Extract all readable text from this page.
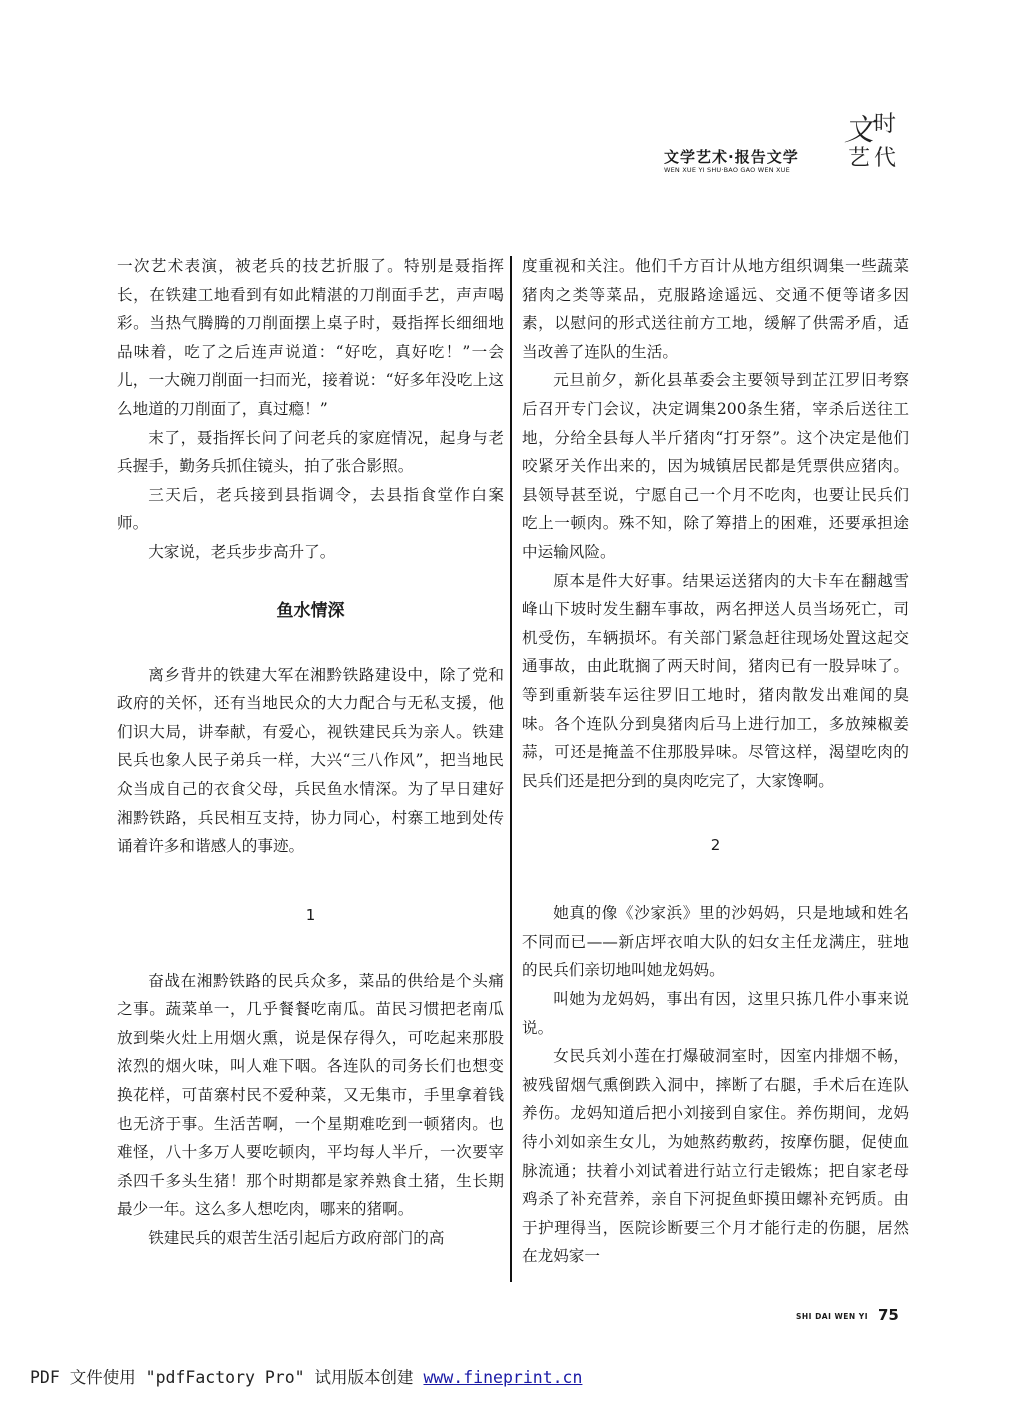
文学艺术·报告文学
WEN XUE YI SHU·BAO GAO WEN XUE
文 时
艺 代

一次艺术表演，被老兵的技艺折服了。特别是聂指挥长，在铁建工地看到有如此精湛的刀削面手艺，声声喝彩。当热气腾腾的刀削面摆上桌子时，聂指挥长细细地品味着，吃了之后连声说道：“好吃，真好吃！”一会儿，一大碗刀削面一扫而光，接着说：“好多年没吃上这么地道的刀削面了，真过瘾！”

末了，聂指挥长问了问老兵的家庭情况，起身与老兵握手，勤务兵抓住镜头，拍了张合影照。

三天后，老兵接到县指调令，去县指食堂作白案师。

大家说，老兵步步高升了。

鱼水情深

离乡背井的铁建大军在湘黔铁路建设中，除了党和政府的关怀，还有当地民众的大力配合与无私支援，他们识大局，讲奉献，有爱心，视铁建民兵为亲人。铁建民兵也象人民子弟兵一样，大兴“三八作风”，把当地民众当成自己的衣食父母，兵民鱼水情深。为了早日建好湘黔铁路，兵民相互支持，协力同心，村寨工地到处传诵着许多和谐感人的事迹。

1

奋战在湘黔铁路的民兵众多，菜品的供给是个头痛之事。蔬菜单一，几乎餐餐吃南瓜。苗民习惯把老南瓜放到柴火灶上用烟火熏，说是保存得久，可吃起来那股浓烈的烟火味，叫人难下咽。各连队的司务长们也想变换花样，可苗寨村民不爱种菜，又无集市，手里拿着钱也无济于事。生活苦啊，一个星期难吃到一顿猪肉。也难怪，八十多万人要吃顿肉，平均每人半斤，一次要宰杀四千多头生猪！那个时期都是家养熟食土猪，生长期最少一年。这么多人想吃肉，哪来的猪啊。

铁建民兵的艰苦生活引起后方政府部门的高

度重视和关注。他们千方百计从地方组织调集一些蔬菜猪肉之类等菜品，克服路途遥远、交通不便等诸多因素，以慰问的形式送往前方工地，缓解了供需矛盾，适当改善了连队的生活。

元旦前夕，新化县革委会主要领导到芷江罗旧考察后召开专门会议，决定调集200条生猪，宰杀后送往工地，分给全县每人半斤猪肉“打牙祭”。这个决定是他们咬紧牙关作出来的，因为城镇居民都是凭票供应猪肉。县领导甚至说，宁愿自己一个月不吃肉，也要让民兵们吃上一顿肉。殊不知，除了筹措上的困难，还要承担途中运输风险。

原本是件大好事。结果运送猪肉的大卡车在翻越雪峰山下坡时发生翻车事故，两名押送人员当场死亡，司机受伤，车辆损坏。有关部门紧急赶往现场处置这起交通事故，由此耽搁了两天时间，猪肉已有一股异味了。等到重新装车运往罗旧工地时，猪肉散发出难闻的臭味。各个连队分到臭猪肉后马上进行加工，多放辣椒姜蒜，可还是掩盖不住那股异味。尽管这样，渴望吃肉的民兵们还是把分到的臭肉吃完了，大家馋啊。

2

她真的像《沙家浜》里的沙妈妈，只是地域和姓名不同而已——新店坪衣咱大队的妇女主任龙满庄，驻地的民兵们亲切地叫她龙妈妈。

叫她为龙妈妈，事出有因，这里只拣几件小事来说说。

女民兵刘小莲在打爆破洞室时，因室内排烟不畅，被残留烟气熏倒跌入洞中，摔断了右腿，手术后在连队养伤。龙妈知道后把小刘接到自家住。养伤期间，龙妈待小刘如亲生女儿，为她熬药敷药，按摩伤腿，促使血脉流通；扶着小刘试着进行站立行走锻炼；把自家老母鸡杀了补充营养，亲自下河捉鱼虾摸田螺补充钙质。由于护理得当，医院诊断要三个月才能行走的伤腿，居然在龙妈家一

SHI DAI WEN YI 75
PDF 文件使用 "pdfFactory Pro" 试用版本创建 www.fineprint.cn
